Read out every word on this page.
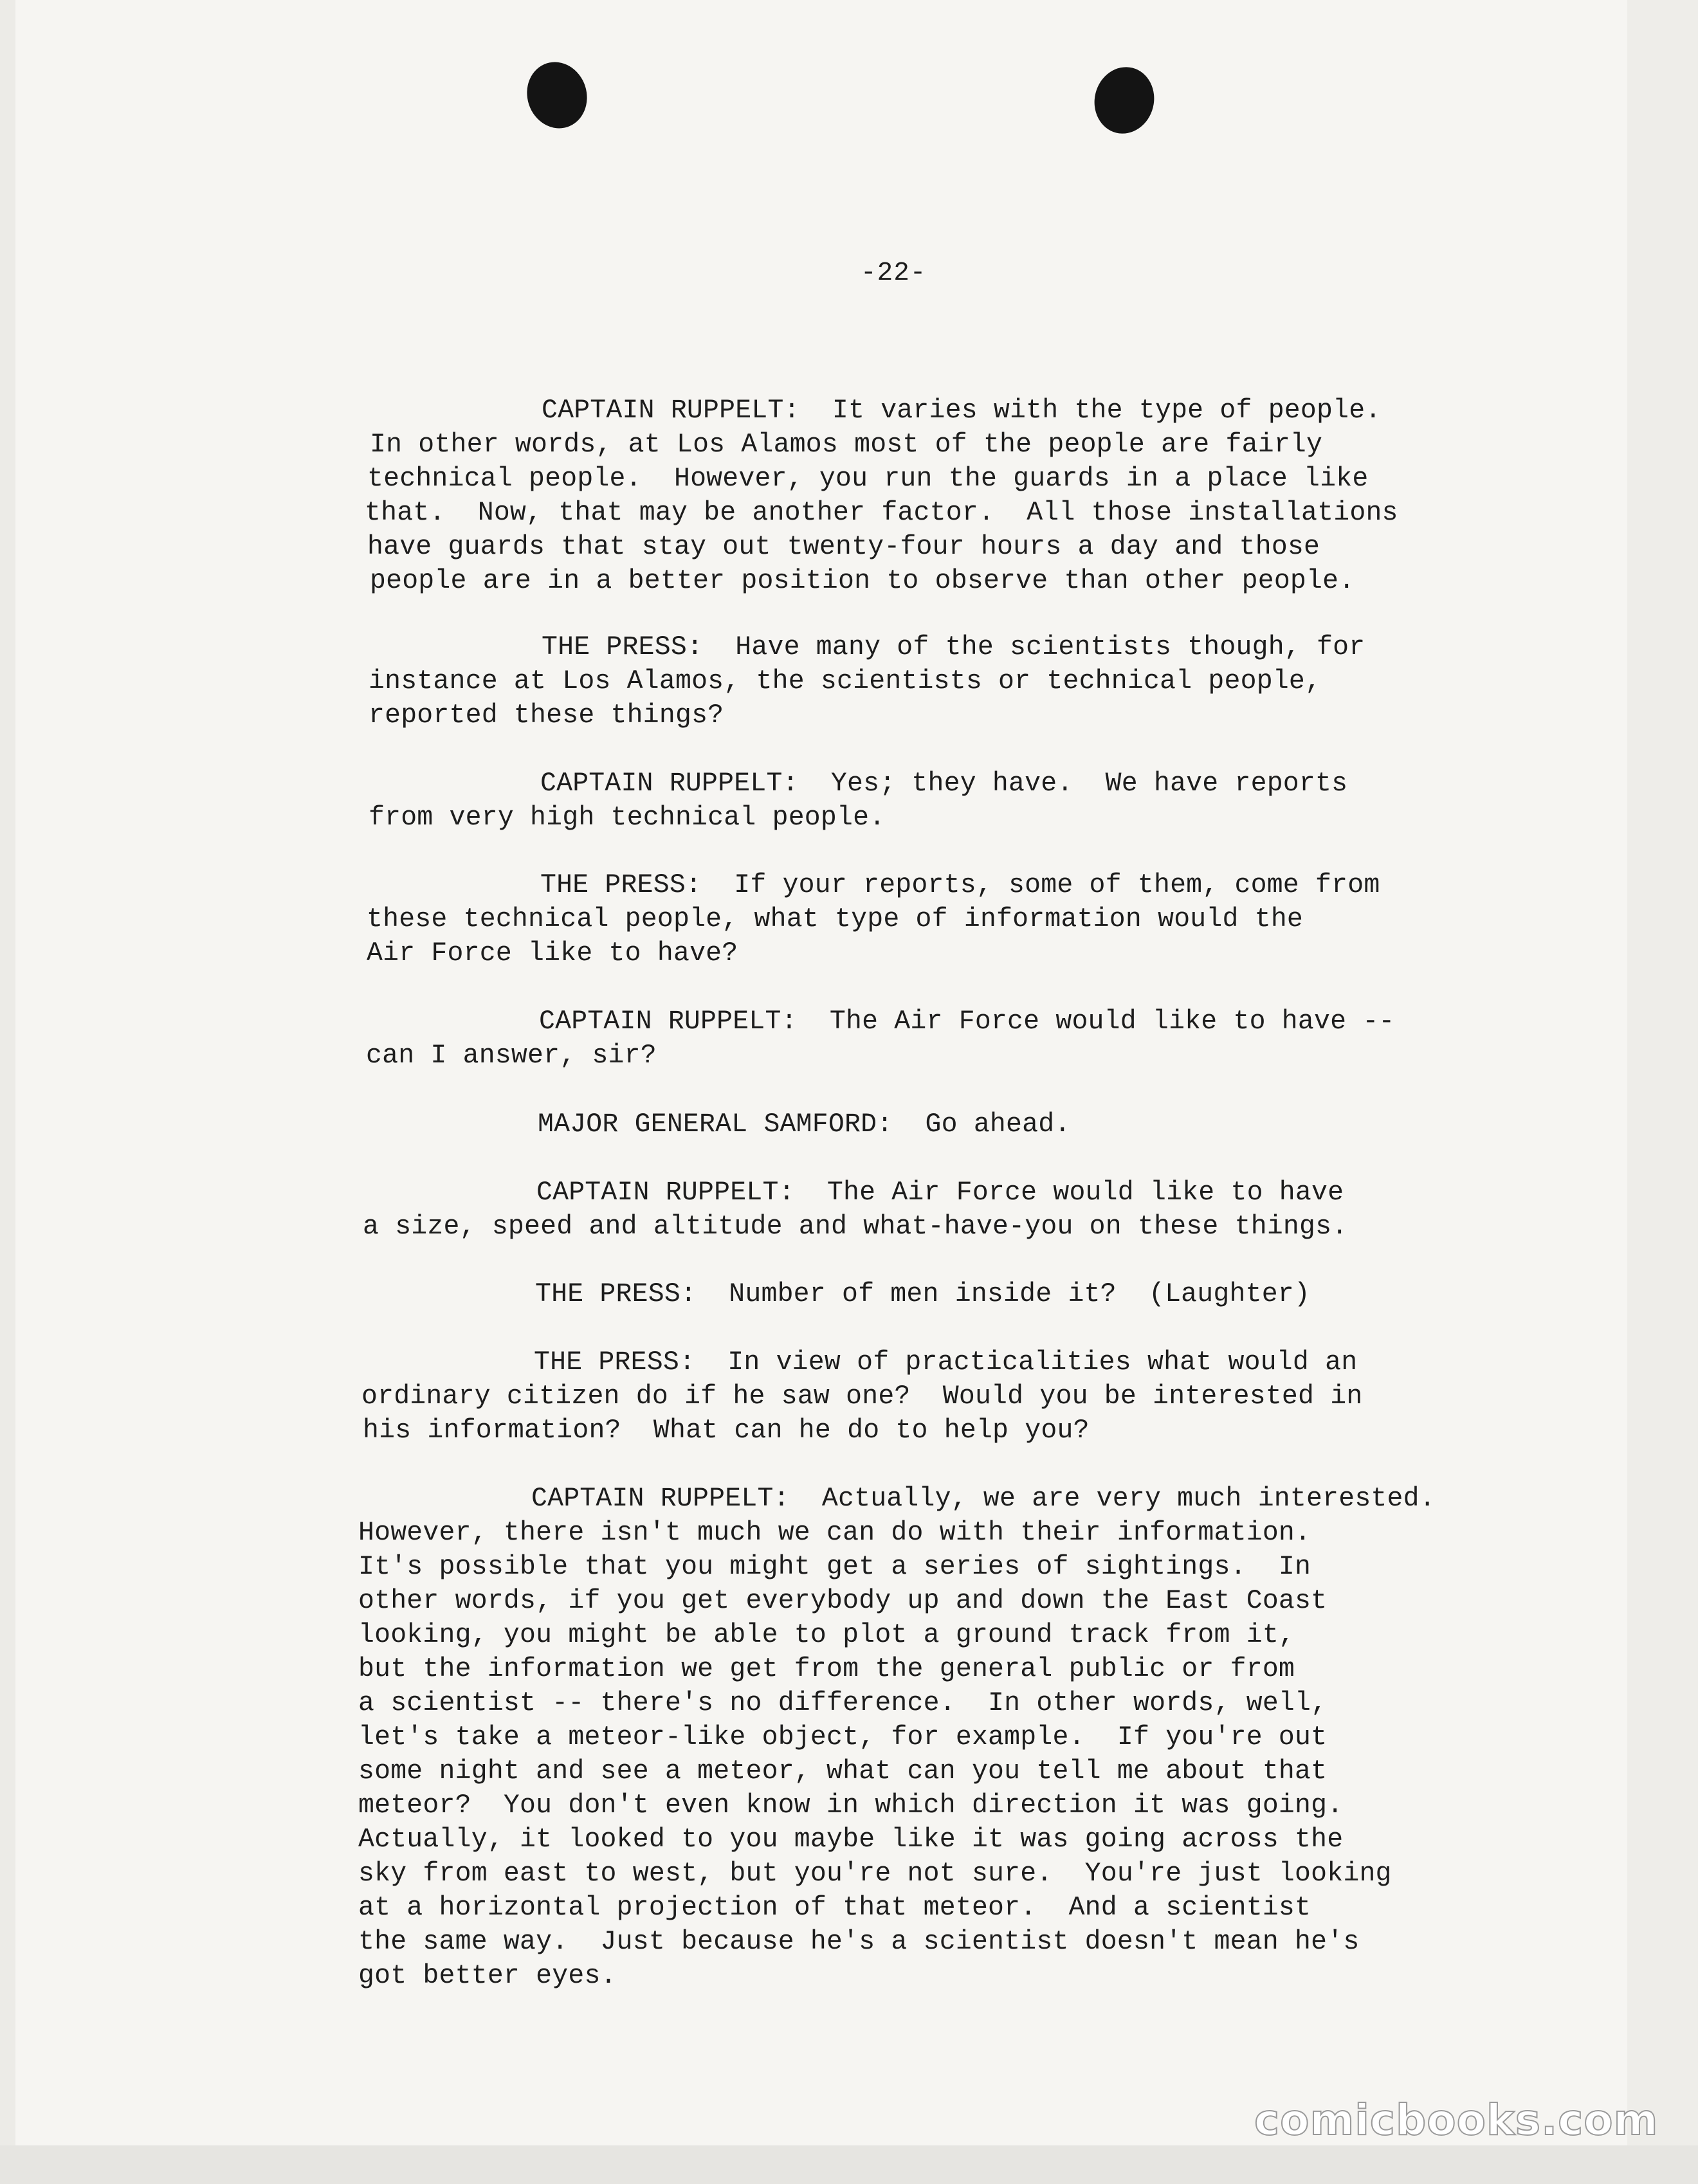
-22-
CAPTAIN RUPPELT: It varies with the type of people.
In other words, at Los Alamos most of the people are fairly
technical people.  However, you run the guards in a place like
that.  Now, that may be another factor.  All those installations
have guards that stay out twenty-four hours a day and those
people are in a better position to observe than other people.
THE PRESS: Have many of the scientists though, for
instance at Los Alamos, the scientists or technical people,
reported these things?
CAPTAIN RUPPELT: Yes; they have.  We have reports
from very high technical people.
THE PRESS: If your reports, some of them, come from
these technical people, what type of information would the
Air Force like to have?
CAPTAIN RUPPELT: The Air Force would like to have --
can I answer, sir?
MAJOR GENERAL SAMFORD: Go ahead.
CAPTAIN RUPPELT: The Air Force would like to have
a size, speed and altitude and what-have-you on these things.
THE PRESS: Number of men inside it?  (Laughter)
THE PRESS: In view of practicalities what would an
ordinary citizen do if he saw one?  Would you be interested in
his information?  What can he do to help you?
CAPTAIN RUPPELT: Actually, we are very much interested.
However, there isn't much we can do with their information.
It's possible that you might get a series of sightings.  In
other words, if you get everybody up and down the East Coast
looking, you might be able to plot a ground track from it,
but the information we get from the general public or from
a scientist -- there's no difference.  In other words, well,
let's take a meteor-like object, for example.  If you're out
some night and see a meteor, what can you tell me about that
meteor?  You don't even know in which direction it was going.
Actually, it looked to you maybe like it was going across the
sky from east to west, but you're not sure.  You're just looking
at a horizontal projection of that meteor.  And a scientist
the same way.  Just because he's a scientist doesn't mean he's
got better eyes.
comicbooks.com
